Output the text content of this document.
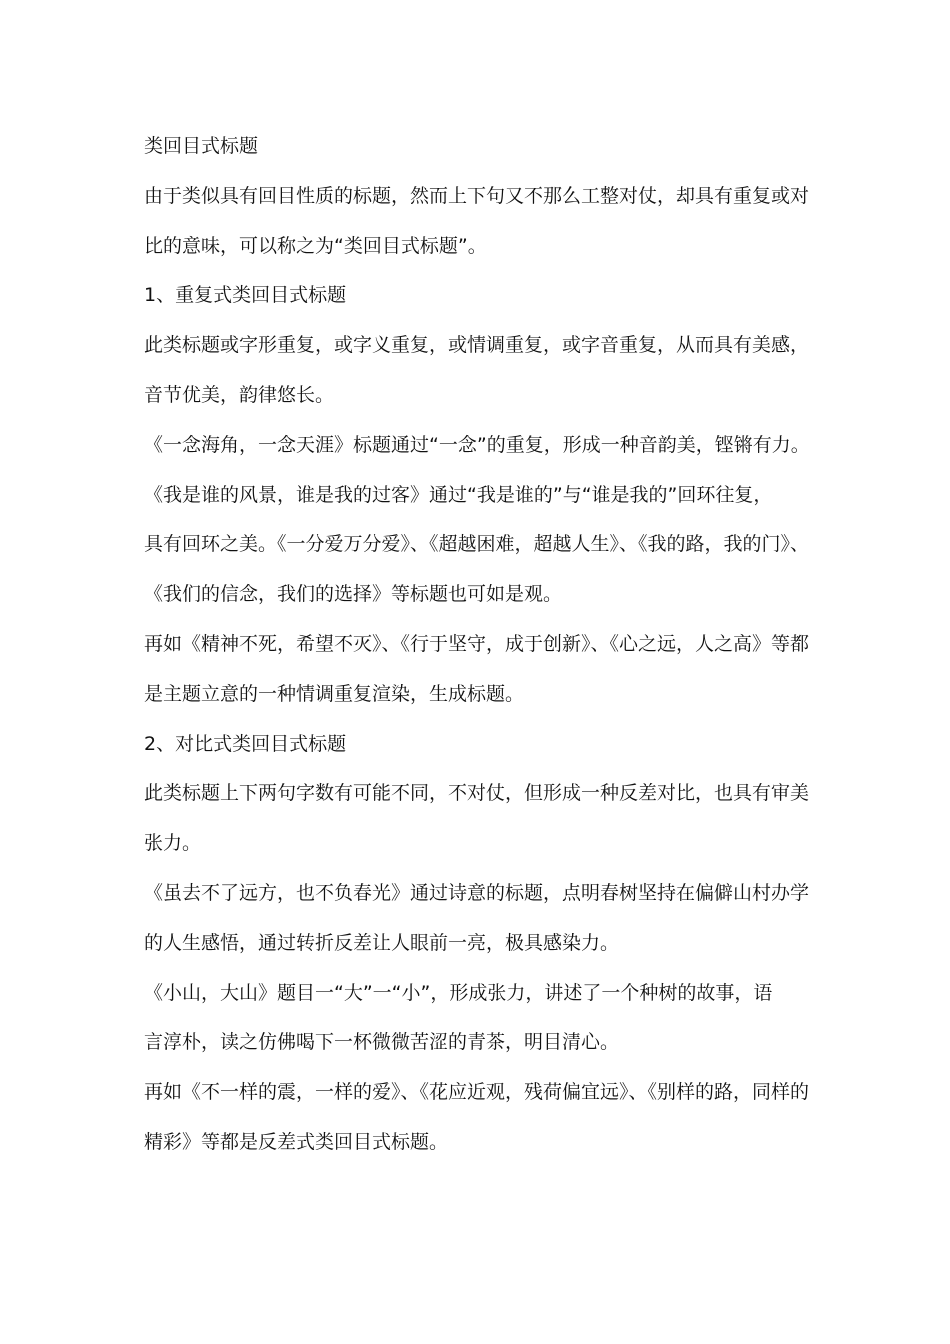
类回目式标题
由于类似具有回目性质的标题，然而上下句又不那么工整对仗，却具有重复或对
比的意味，可以称之为“类回目式标题”。
1、重复式类回目式标题
此类标题或字形重复，或字义重复，或情调重复，或字音重复，从而具有美感，
音节优美，韵律悠长。
《一念海角，一念天涯》标题通过“一念”的重复，形成一种音韵美，铿锵有力。
《我是谁的风景，谁是我的过客》通过“我是谁的”与“谁是我的”回环往复，
具有回环之美。《一分爱万分爱》、《超越困难，超越人生》、《我的路，我的门》、
《我们的信念，我们的选择》等标题也可如是观。
再如《精神不死，希望不灭》、《行于坚守，成于创新》、《心之远，人之高》等都
是主题立意的一种情调重复渲染，生成标题。
2、对比式类回目式标题
此类标题上下两句字数有可能不同，不对仗，但形成一种反差对比，也具有审美
张力。
《虽去不了远方，也不负春光》通过诗意的标题，点明春树坚持在偏僻山村办学
的人生感悟，通过转折反差让人眼前一亮，极具感染力。
《小山，大山》题目一“大”一“小”，形成张力，讲述了一个种树的故事，语
言淳朴，读之仿佛喝下一杯微微苦涩的青茶，明目清心。
再如《不一样的震，一样的爱》、《花应近观，残荷偏宜远》、《别样的路，同样的
精彩》等都是反差式类回目式标题。
